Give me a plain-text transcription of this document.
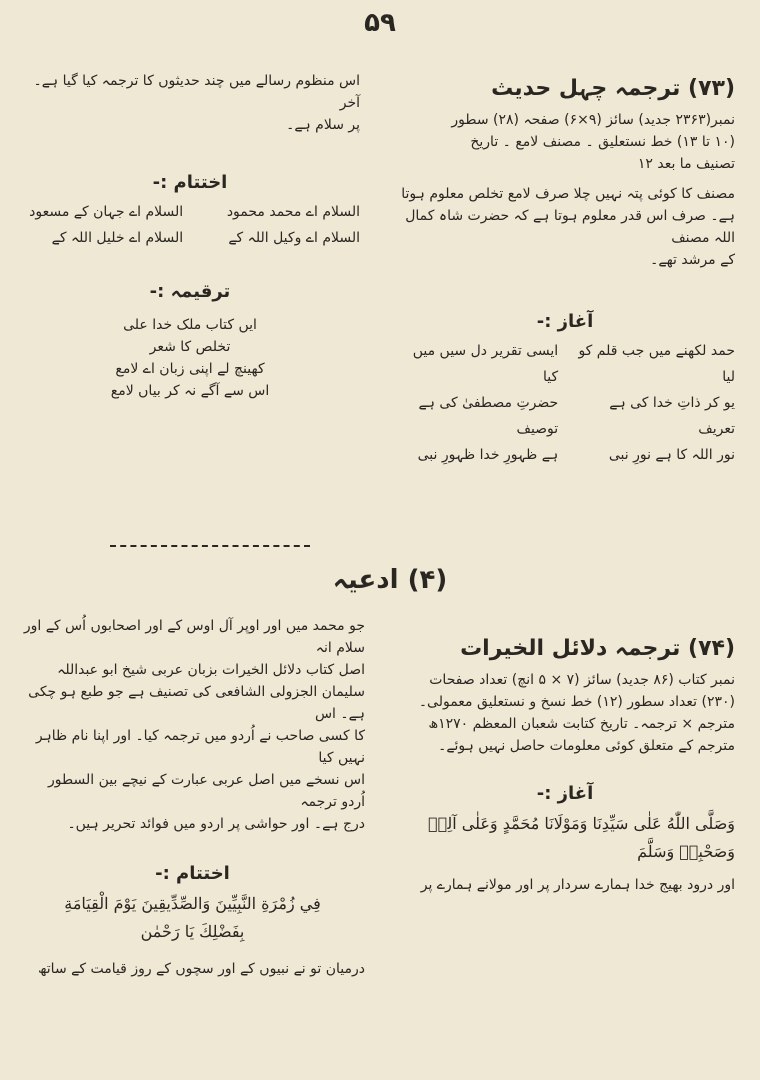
۵۹
(۷۳) ترجمہ چہل حدیث

نمبر(۲۳۶۳ جدید) سائز (۹×۶) صفحہ (۲۸) سطور

(۱۰ تا ۱۳) خط نستعلیق ۔ مصنف لامع ۔ تاریخ

تصنیف ما بعد ۱۲

مصنف کا کوئی پتہ نہیں چلا صرف لامع تخلص معلوم ہوتا

ہے۔ صرف اس قدر معلوم ہوتا ہے کہ حضرت شاہ کمال اللہ مصنف

کے مرشد تھے۔

آغاز :-
حمد لکھنے میں جب قلم کو لیا
ایسی تقریر دل سیں میں کیا
یو کر ذاتِ خدا کی ہے تعریف
حضرتِ مصطفیٰ کی ہے توصیف
نور اللہ کا ہے نورِ نبی
ہے ظہورِ خدا ظہورِ نبی

اس منظوم رسالے میں چند حدیثوں کا ترجمہ کیا گیا ہے۔ آخر

پر سلام ہے۔

اختتام :-
السلام اے محمد محمود
السلام اے جہان کے مسعود
السلام اے وکیل اللہ کے
السلام اے خلیل اللہ کے
ترقیمہ :-

ایں کتاب ملک خدا علی

تخلص کا شعر

کھینچ لے اپنی زبان اے لامع

اس سے آگے نہ کر بیاں لامع

(۴) ادعیہ
(۷۴) ترجمہ دلائل الخیرات

نمبر کتاب (۸۶ جدید) سائز (۷ × ۵ انچ) تعداد صفحات

(۲۳۰) تعداد سطور (۱۲) خط نسخ و نستعلیق معمولی۔

مترجم × ترجمہ۔ تاریخ کتابت شعبان المعظم ۱۲۷۰ھ

مترجم کے متعلق کوئی معلومات حاصل نہیں ہوئے۔

آغاز :-

وَصَلَّى اللّٰهُ عَلٰى سَيِّدِنَا وَمَوْلَانَا مُحَمَّدٍ وَعَلٰى آلِهٖ

وَصَحْبِهٖ وَسَلَّمَ

اور درود بھیج خدا ہمارے سردار پر اور مولانے ہمارے پر

جو محمد میں اور اوپر آل اوس کے اور اصحابوں اُس کے اور سلام انہ

اصل کتاب دلائل الخیرات بزبان عربی شیخ ابو عبداللہ

سلیمان الجزولی الشافعی کی تصنیف ہے جو طبع ہو چکی ہے۔ اس

کا کسی صاحب نے اُردو میں ترجمہ کیا۔ اور اپنا نام ظاہر نہیں کیا

اس نسخے میں اصل عربی عبارت کے نیچے بین السطور اُردو ترجمہ

درج ہے۔ اور حواشی پر اردو میں فوائد تحریر ہیں۔

اختتام :-

فِي زُمْرَةِ النَّبِيِّينَ وَالصِّدِّيقِينَ يَوْمَ الْقِيَامَةِ

بِفَضْلِكَ يَا رَحْمٰن

درمیان تو نے نبیوں کے اور سچوں کے روز قیامت کے ساتھ
